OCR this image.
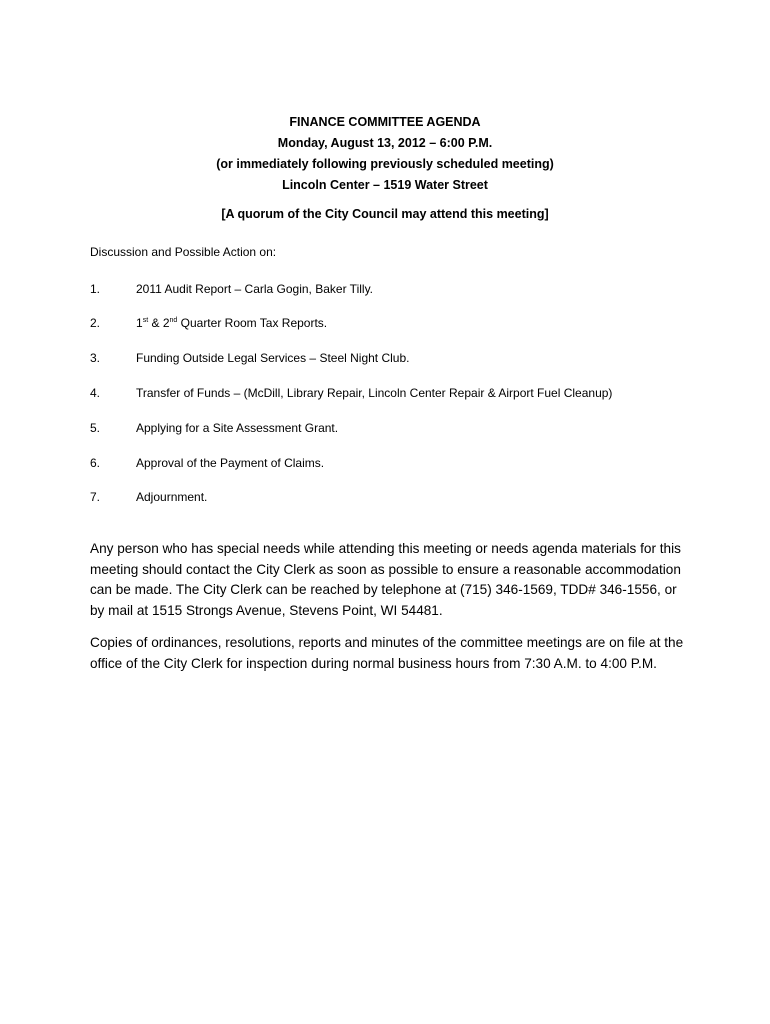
FINANCE COMMITTEE AGENDA
Monday, August 13, 2012 – 6:00 P.M.
(or immediately following previously scheduled meeting)
Lincoln Center – 1519 Water Street
[A quorum of the City Council may attend this meeting]
Discussion and Possible Action on:
1.	2011 Audit Report – Carla Gogin, Baker Tilly.
2.	1st & 2nd Quarter Room Tax Reports.
3.	Funding Outside Legal Services – Steel Night Club.
4.	Transfer of Funds – (McDill, Library Repair, Lincoln Center Repair & Airport Fuel Cleanup)
5.	Applying for a Site Assessment Grant.
6.	Approval of the Payment of Claims.
7.	Adjournment.
Any person who has special needs while attending this meeting or needs agenda materials for this meeting should contact the City Clerk as soon as possible to ensure a reasonable accommodation can be made. The City Clerk can be reached by telephone at (715) 346-1569, TDD# 346-1556, or by mail at 1515 Strongs Avenue, Stevens Point, WI 54481.
Copies of ordinances, resolutions, reports and minutes of the committee meetings are on file at the office of the City Clerk for inspection during normal business hours from 7:30 A.M. to 4:00 P.M.
